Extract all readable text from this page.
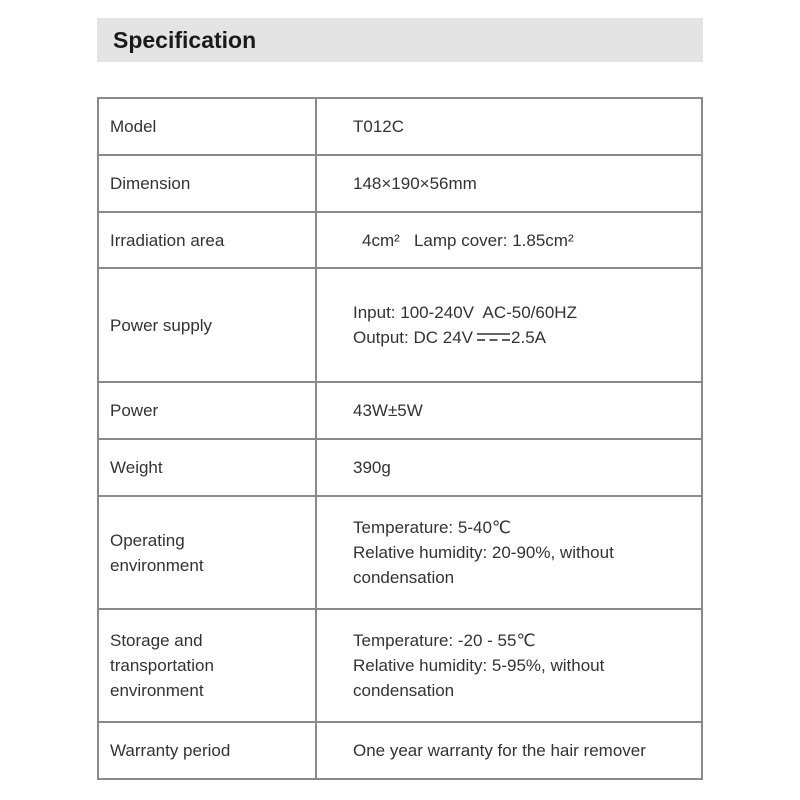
Specification
Model	T012C

Dimension	148×190×56mm

Irradiation area	4cm²   Lamp cover: 1.85cm²

Power supply	Input: 100-240V  AC-50/60HZ
Output: DC 24V 2.5A

Power	43W±5W

Weight	390g

Operating
environment	Temperature: 5-40℃
Relative humidity: 20-90%, without
condensation

Storage and
transportation
environment	Temperature: -20 - 55℃
Relative humidity: 5-95%, without
condensation

Warranty period	One year warranty for the hair remover
